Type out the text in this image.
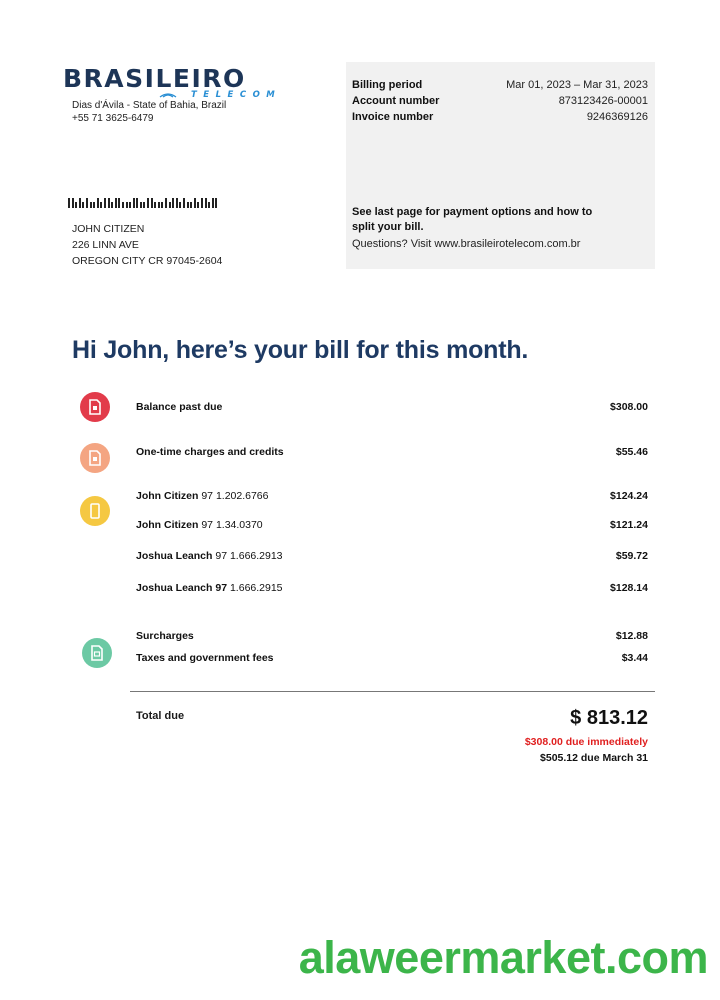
BRASILEIRO
TELECOM
Dias d'Ávila - State of Bahia, Brazil
+55 71 3625-6479
Billing period	Mar 01, 2023 – Mar 31, 2023
Account number	873123426-00001
Invoice number	9246369126
See last page for payment options and how to split your bill.
Questions? Visit www.brasileirotelecom.com.br
JOHN CITIZEN
226 LINN AVE
OREGON CITY CR 97045-2604
Hi John, here’s your bill for this month.
Balance past due	$308.00
One-time charges and credits	$55.46
John Citizen 97 1.202.6766	$124.24
John Citizen 97 1.34.0370	$121.24
Joshua Leanch 97 1.666.2913	$59.72
Joshua Leanch 97 1.666.2915	$128.14
Surcharges	$12.88
Taxes and government fees	$3.44
Total due	$ 813.12
$308.00 due immediately
$505.12 due March 31
alaweermarket.com
